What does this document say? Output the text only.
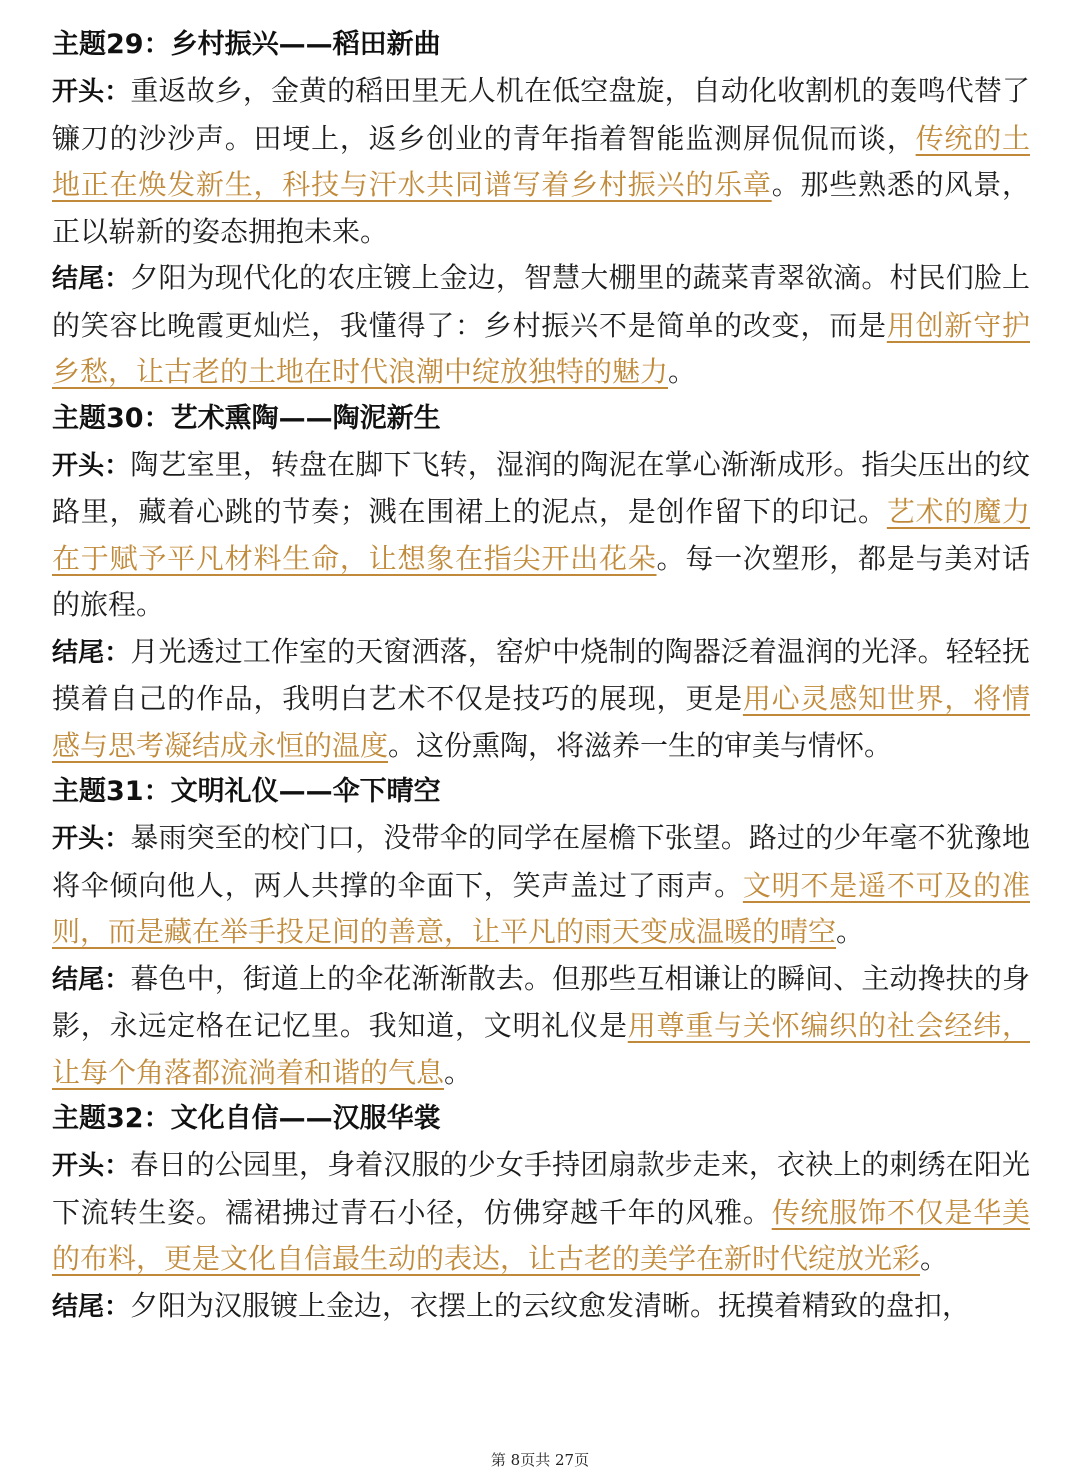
主题29：乡村振兴——稻田新曲

开头：重返故乡，金黄的稻田里无人机在低空盘旋，自动化收割机的轰鸣代替了镰刀的沙沙声。田埂上，返乡创业的青年指着智能监测屏侃侃而谈，传统的土地正在焕发新生，科技与汗水共同谱写着乡村振兴的乐章。那些熟悉的风景，正以崭新的姿态拥抱未来。

结尾：夕阳为现代化的农庄镀上金边，智慧大棚里的蔬菜青翠欲滴。村民们脸上的笑容比晚霞更灿烂，我懂得了：乡村振兴不是简单的改变，而是用创新守护乡愁，让古老的土地在时代浪潮中绽放独特的魅力。

主题30：艺术熏陶——陶泥新生

开头：陶艺室里，转盘在脚下飞转，湿润的陶泥在掌心渐渐成形。指尖压出的纹路里，藏着心跳的节奏；溅在围裙上的泥点，是创作留下的印记。艺术的魔力在于赋予平凡材料生命，让想象在指尖开出花朵。每一次塑形，都是与美对话的旅程。

结尾：月光透过工作室的天窗洒落，窑炉中烧制的陶器泛着温润的光泽。轻轻抚摸着自己的作品，我明白艺术不仅是技巧的展现，更是用心灵感知世界，将情感与思考凝结成永恒的温度。这份熏陶，将滋养一生的审美与情怀。

主题31：文明礼仪——伞下晴空

开头：暴雨突至的校门口，没带伞的同学在屋檐下张望。路过的少年毫不犹豫地将伞倾向他人，两人共撑的伞面下，笑声盖过了雨声。文明不是遥不可及的准则，而是藏在举手投足间的善意，让平凡的雨天变成温暖的晴空。

结尾：暮色中，街道上的伞花渐渐散去。但那些互相谦让的瞬间、主动搀扶的身影，永远定格在记忆里。我知道，文明礼仪是用尊重与关怀编织的社会经纬，让每个角落都流淌着和谐的气息。

主题32：文化自信——汉服华裳

开头：春日的公园里，身着汉服的少女手持团扇款步走来，衣袂上的刺绣在阳光下流转生姿。襦裙拂过青石小径，仿佛穿越千年的风雅。传统服饰不仅是华美的布料，更是文化自信最生动的表达，让古老的美学在新时代绽放光彩。

结尾：夕阳为汉服镀上金边，衣摆上的云纹愈发清晰。抚摸着精致的盘扣，

第 8页共 27页
